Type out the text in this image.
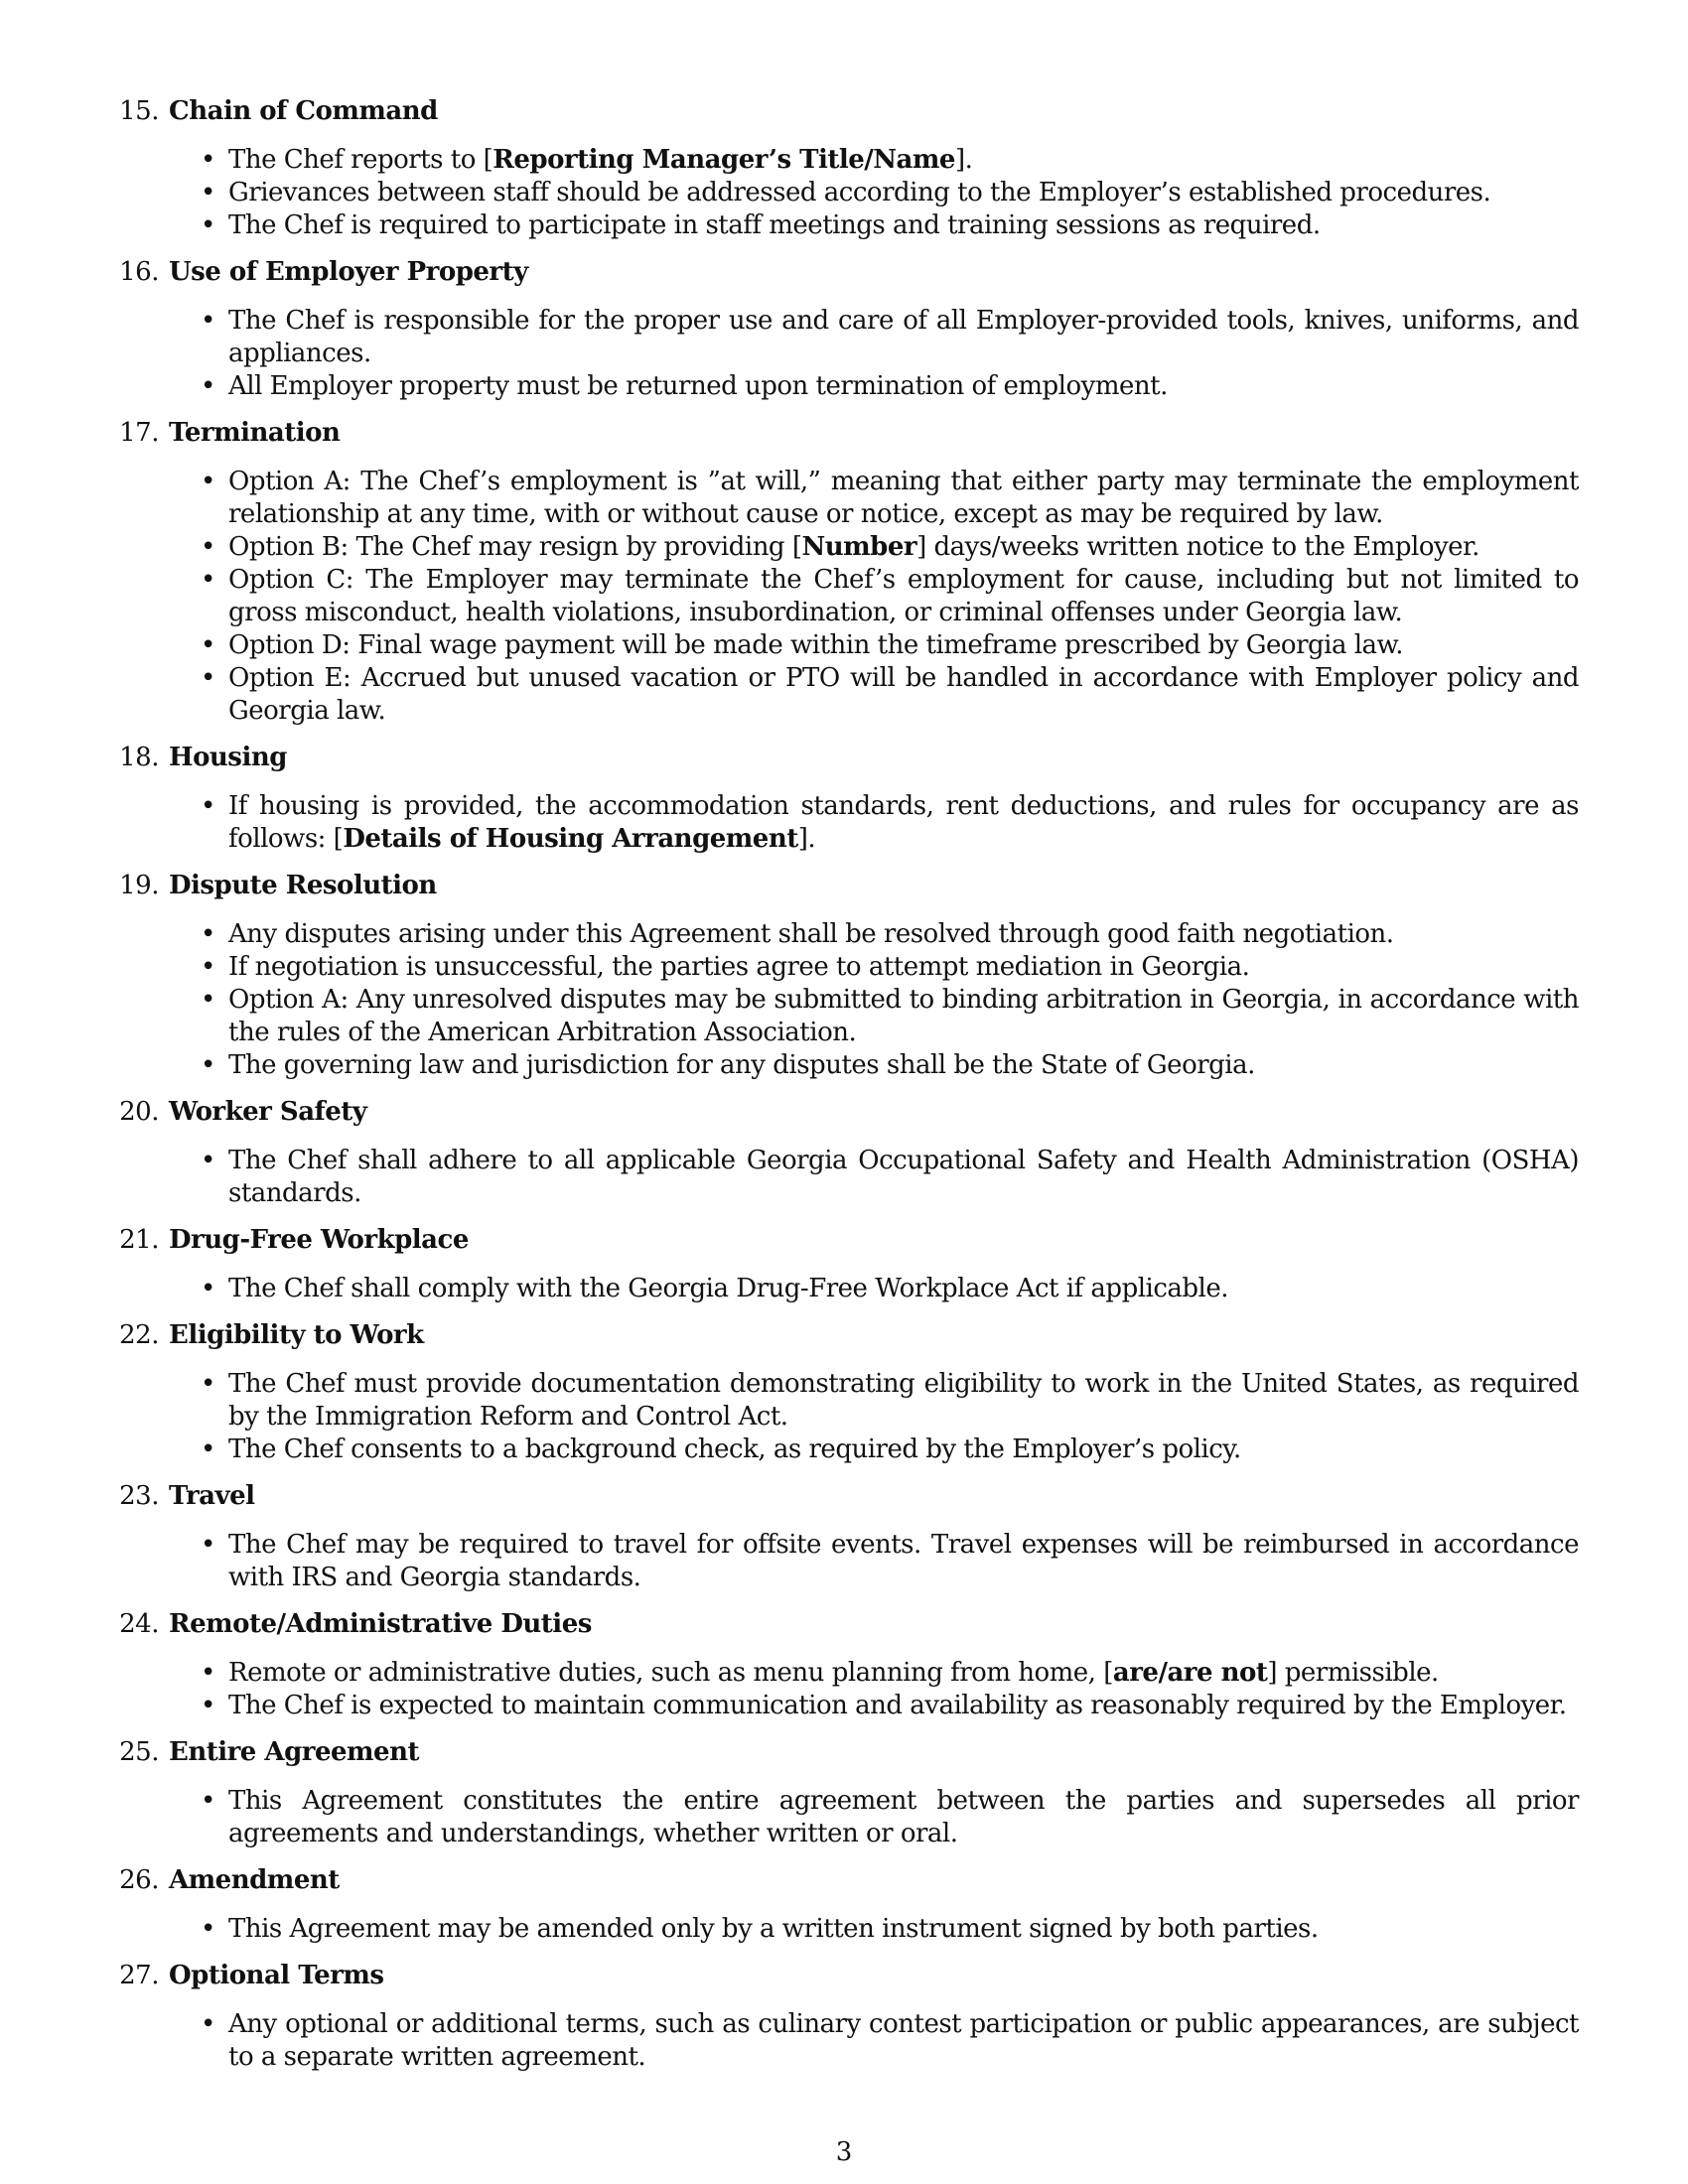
15. Chain of Command
• The Chef reports to [Reporting Manager’s Title/Name].
• Grievances between staff should be addressed according to the Employer’s established procedures.
• The Chef is required to participate in staff meetings and training sessions as required.
16. Use of Employer Property
• The Chef is responsible for the proper use and care of all Employer-provided tools, knives, uniforms, and appliances.
• All Employer property must be returned upon termination of employment.
17. Termination
• Option A: The Chef’s employment is ”at will,” meaning that either party may terminate the employment relationship at any time, with or without cause or notice, except as may be required by law.
• Option B: The Chef may resign by providing [Number] days/weeks written notice to the Employer.
• Option C: The Employer may terminate the Chef’s employment for cause, including but not limited to gross misconduct, health violations, insubordination, or criminal offenses under Georgia law.
• Option D: Final wage payment will be made within the timeframe prescribed by Georgia law.
• Option E: Accrued but unused vacation or PTO will be handled in accordance with Employer policy and Georgia law.
18. Housing
• If housing is provided, the accommodation standards, rent deductions, and rules for occupancy are as follows: [Details of Housing Arrangement].
19. Dispute Resolution
• Any disputes arising under this Agreement shall be resolved through good faith negotiation.
• If negotiation is unsuccessful, the parties agree to attempt mediation in Georgia.
• Option A: Any unresolved disputes may be submitted to binding arbitration in Georgia, in accordance with the rules of the American Arbitration Association.
• The governing law and jurisdiction for any disputes shall be the State of Georgia.
20. Worker Safety
• The Chef shall adhere to all applicable Georgia Occupational Safety and Health Administration (OSHA) standards.
21. Drug-Free Workplace
• The Chef shall comply with the Georgia Drug-Free Workplace Act if applicable.
22. Eligibility to Work
• The Chef must provide documentation demonstrating eligibility to work in the United States, as required by the Immigration Reform and Control Act.
• The Chef consents to a background check, as required by the Employer’s policy.
23. Travel
• The Chef may be required to travel for offsite events. Travel expenses will be reimbursed in accordance with IRS and Georgia standards.
24. Remote/Administrative Duties
• Remote or administrative duties, such as menu planning from home, [are/are not] permissible.
• The Chef is expected to maintain communication and availability as reasonably required by the Employer.
25. Entire Agreement
• This Agreement constitutes the entire agreement between the parties and supersedes all prior agreements and understandings, whether written or oral.
26. Amendment
• This Agreement may be amended only by a written instrument signed by both parties.
27. Optional Terms
• Any optional or additional terms, such as culinary contest participation or public appearances, are subject to a separate written agreement.
3
